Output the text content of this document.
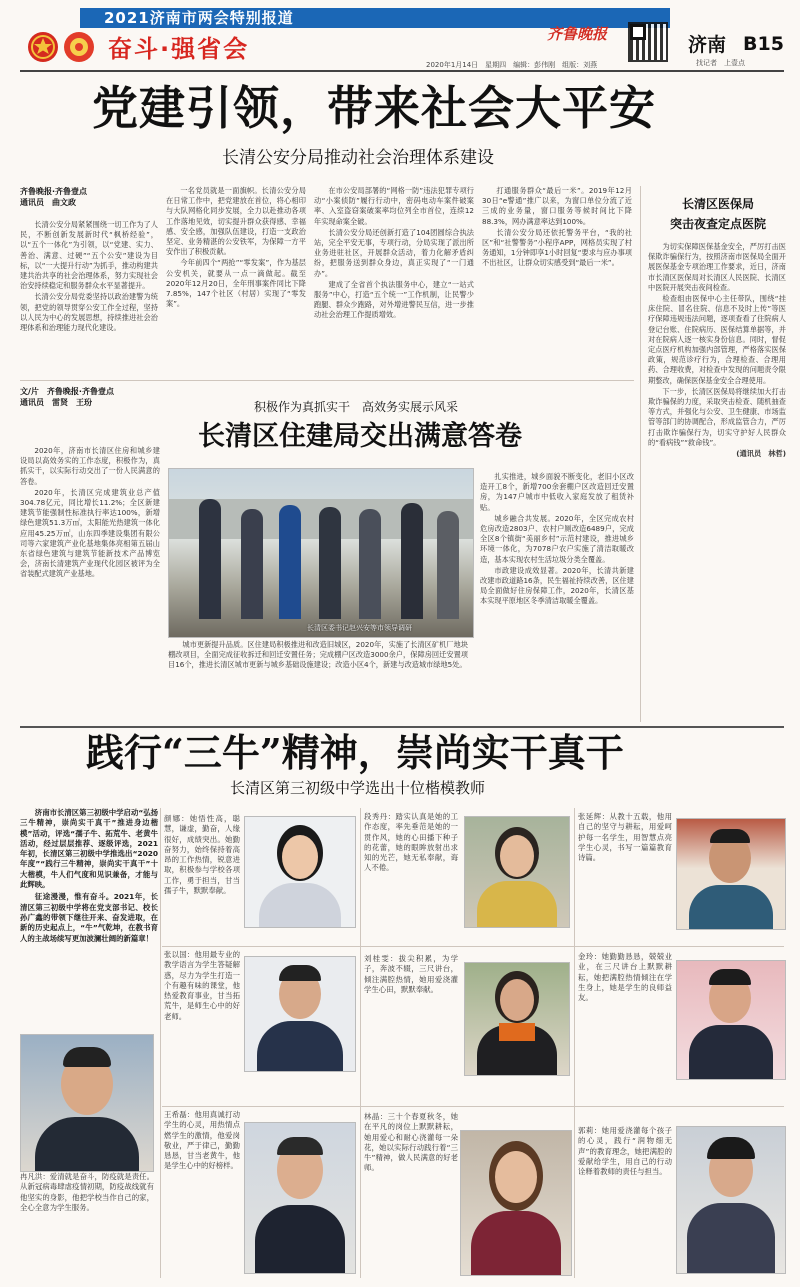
2021济南市两会特别报道
奋斗·强省会
齐鲁晚报	济南 B15
找记者　上壹点
2020年1月14日　星期四　编辑：彭伟刚　组版：刘燕
党建引领，带来社会大平安
长清公安分局推动社会治理体系建设
齐鲁晚报·齐鲁壹点
通讯员　曲文政

长清公安分局紧紧围绕一切工作为了人民，不断创新发展新时代“枫桥经验”，以“五个一体化”为引领，以“党建、实力、善治、满意、过硬”“五个公安”建设为目标，以“一大提升行动”为抓手，推动构建共建共治共享的社会治理体系，努力实现社会治安持续稳定和服务群众水平显著提升。

长清公安分局党委坚持以政治建警为统领，把党的领导贯穿公安工作全过程，坚持以人民为中心的发展思想，持续推进社会治理体系和治理能力现代化建设。

一名党员就是一面旗帜。长清公安分局在日常工作中，把党建放在首位，将心相印与大队网格化同步发展，全力以赴推动各项工作落地见效，切实提升群众获得感、幸福感、安全感，加强队伍建设，打造一支政治坚定、业务精湛的公安铁军，为保障一方平安作出了积极贡献。

今年前四个“两抢”“零发案”，作为基层公安机关，就要从一点一滴做起。截至2020年12月20日，全年刑事案件同比下降7.85%，147个社区（村居）实现了“零发案”。

在市公安局部署的“网格一防”违法犯罪专项行动“小案侦防”履行行动中，密码电动车案件破案率、入室盗窃案破案率均位列全市首位，连续12年实现命案全破。

长清公安分局还创新打造了104团圆综合执法站，完全平安无事，专项行动，分局实现了派出所业务进驻社区，开展群众活动，着力化解矛盾纠纷，把服务送到群众身边，真正实现了“一门通办”。

建成了全省首个执法服务中心，建立“一站式服务”中心，打造“五个统一”工作机制，让民警少跑腿、群众少跑路，对外增进警民互信，进一步推动社会治理工作提质增效。

打通服务群众“最后一米”。2019年12月30日“e警通”推广以来，为窗口单位分流了近三成的业务量，窗口服务等候时间比下降88.3%，网办满意率达到100%。

长清公安分局还依托警务平台，“我的社区”和“社警警务”小程序APP，网格员实现了村务通知，1分钟即享1小时回复“要求与应办事项不出社区，让群众切实感受到“最后一米”。

长清区医保局
突击夜查定点医院

为切实保障医保基金安全，严厉打击医保欺诈骗保行为，按照济南市医保局全面开展医保基金专项治理工作要求，近日，济南市长清区医保局对长清区人民医院、长清区中医院开展突击夜间检查。

检查组由医保中心主任带队，围绕“挂床住院、冒名住院、信息不及时上传”等医疗保障违规违法问题，逐项查看了住院病人登记台账、住院病历、医保结算单据等，并对在院病人逐一核实身份信息。同时，督促定点医疗机构加强内部管理，严格落实医保政策，规范诊疗行为，合理检查、合理用药、合理收费，对检查中发现的问题责令限期整改，确保医保基金安全合理使用。

下一步，长清区医保局将继续加大打击欺诈骗保的力度，采取突击检查、随机抽查等方式，并强化与公安、卫生健康、市场监管等部门的协调配合，形成监管合力，严厉打击欺诈骗保行为，切实守护好人民群众的“看病钱”“救命钱”。

(通讯员　林哲)

文/片　齐鲁晚报·齐鲁壹点
通讯员　雷贤　王玢	积极作为真抓实干　高效务实展示风采
长清区住建局交出满意答卷

2020年，济南市长清区住房和城乡建设局以高效务实的工作态度，积极作为，真抓实干，以实际行动交出了一份人民满意的答卷。

2020年，长清区完成建筑业总产值304.78亿元，同比增长11.2%；全区新建建筑节能强制性标准执行率达100%，新增绿色建筑51.3万㎡，太阳能光热建筑一体化应用45.25万㎡，山东四季建设集团有限公司等六家建筑产业化基地集体亮相第五届山东省绿色建筑与建筑节能新技术产品博览会，济南长清建筑产业现代化园区被评为全省装配式建筑产业基地。

长清区委书记赵兴安等市领导调研

城市更新提升品质。区住建局积极推进和改造旧城区，2020年，实施了长清区矿机厂地块棚改项目，全面完成征收拆迁和回迁安置任务；完成棚户区改造3000余户，保障房回迁安置项目16个，推进长清区城市更新与城乡基础设施建设；改造小区4个，新建与改造城市绿地5处。

扎实推进，城乡面貌不断变化，老旧小区改造开工8个，新增700余套棚户区改造回迁安置房，为147户城市中低收入家庭发放了租赁补贴。

城乡融合共发展。2020年，全区完成农村危房改造2803户、农村户厕改造6489户，完成全区8个镇街“美丽乡村”示范村建设，推进城乡环境一体化，为7078户农户实施了清洁取暖改造，基本实现农村生活垃圾分类全覆盖。

市政建设成效显著。2020年，长清共新建改建市政道路16条，民生福祉持续改善，区住建局全面做好住房保障工作，2020年，长清区基本实现平原地区冬季清洁取暖全覆盖。

践行“三牛”精神，崇尚实干真干
长清区第三初级中学选出十位楷模教师

济南市长清区第三初级中学启动“弘扬三牛精神，崇尚实干真干”推进身边楷模”活动，评选“孺子牛、拓荒牛、老黄牛活动，经过层层推荐、逐级评选，2021年初，长清区第三初级中学推选出“2020年度”“践行三牛精神，崇尚实干真干”十大楷模，牛人们气度和见识兼备，才能与此辉映。

征途漫漫，惟有奋斗。2021年，长清区第三初级中学将在党支部书记、校长孙广鑫的带领下继往开来、奋发进取，在新的历史起点上，“牛”气乾坤，在教书育人的主战场续写更加波澜壮阔的新篇章！

冉凡洪：爱清就是奋斗，防疫就是责任。从新冠病毒肆虐疫情初期，防疫战线就有他坚实的身影，他把学校当作自己的家，全心全意为学生服务。
颜娜：她悟性高，聪慧，谦虚，勤奋，人缘很好，成绩突出。她勤奋努力，始终保持着高昂的工作热情，锐意进取，积极参与学校各项工作，勇于担当，甘当孺子牛，默默奉献。
段秀丹：踏实认真是她的工作态度，率先垂范是她的一贯作风，她的心田播下种子的花蕾，她的眼眸放射出求知的光芒，她无私奉献，诲人不倦。
张延辉：从教十五载，他用自己的坚守与耕耘，用爱呵护每一名学生，用智慧点亮学生心灵，书写一篇篇教育诗篇。
张以国：他用最专业的教学语言为学生答疑解惑，尽力为学生打造一个有趣有味的课堂，他热爱教育事业，甘当拓荒牛，是师生心中的好老师。
刘桂雯：拔尖积累，为学子，奔波不辍，三尺讲台，倾注满腔热情，她用爱浇灌学生心田，默默奉献。
金玲：她勤勤恳恳，兢兢业业，在三尺讲台上默默耕耘，她把满腔热情倾注在学生身上，她是学生的良师益友。
王希磊：他用真诚打动学生的心灵，用热情点燃学生的激情，他爱岗敬业，严于律己，勤勤恳恳，甘当老黄牛，他是学生心中的好榜样。
林晶：三十个春夏秋冬，她在平凡的岗位上默默耕耘，她用爱心和耐心浇灌每一朵花，她以实际行动践行着“三牛”精神，做人民满意的好老师。
郭莉：她用爱浇灌每个孩子的心灵，践行“润物细无声”的教育理念，她把满腔的爱献给学生，用自己的行动诠释着教师的责任与担当。
